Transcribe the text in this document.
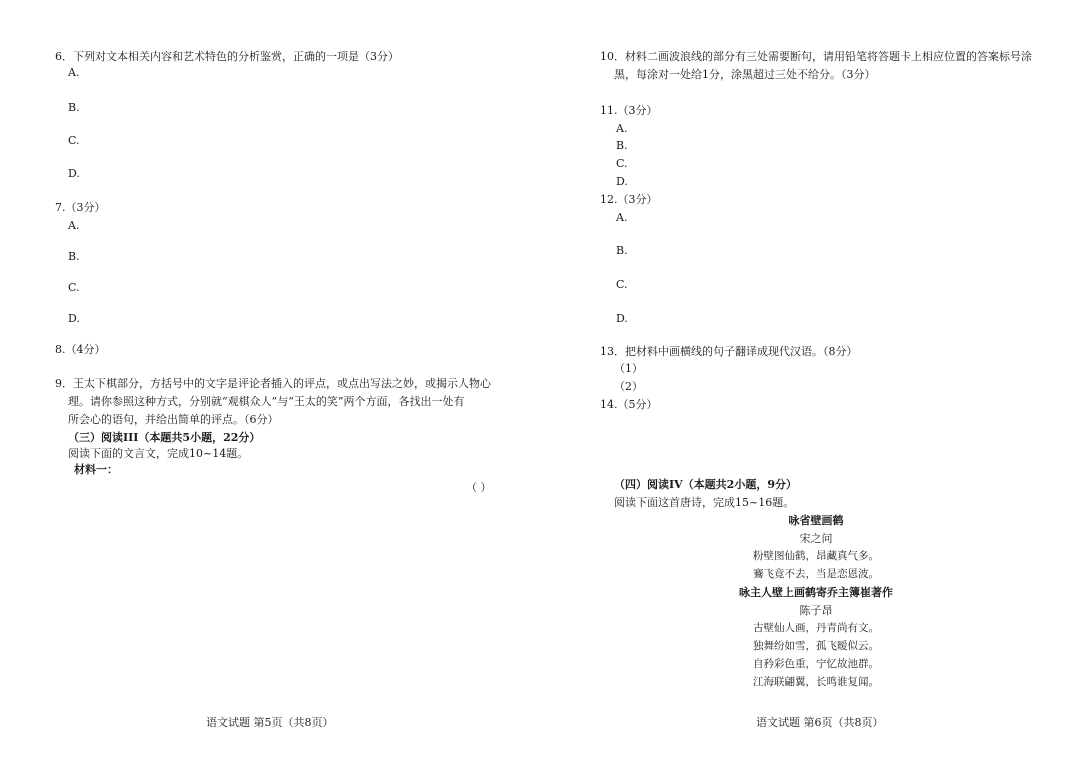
6．下列对文本相关内容和艺术特色的分析鉴赏，正确的一项是（3分）
A.
B.
C.
D.
7.（3分）
A.
B.
C.
D.
8.（4分）
9．王太下棋部分，方括号中的文字是评论者插入的评点，或点出写法之妙，或揭示人物心
理。请你参照这种方式，分别就“观棋众人”与“王太的笑”两个方面，各找出一处有
所会心的语句，并给出简单的评点。（6分）
（三）阅读III（本题共5小题，22分）
阅读下面的文言文，完成10~14题。
材料一：
（ ）
语文试题 第5页（共8页）
10．材料二画波浪线的部分有三处需要断句，请用铅笔将答题卡上相应位置的答案标号涂
黑，每涂对一处给1分，涂黑超过三处不给分。（3分）
11.（3分）
A.
B.
C.
D.
12.（3分）
A.
B.
C.
D.
13．把材料中画横线的句子翻译成现代汉语。（8分）
（1）
（2）
14.（5分）
（四）阅读IV（本题共2小题，9分）
阅读下面这首唐诗，完成15~16题。
咏省壁画鹤
宋之问
粉壁图仙鹤，昂藏真气多。
鶱飞竟不去，当是恋恩波。
咏主人壁上画鹤寄乔主簿崔著作
陈子昂
古壁仙人画，丹青尚有文。
独舞纷如雪，孤飞暧似云。
自矜彩色重，宁忆故池群。
江海联翩翼，长鸣谁复闻。
语文试题 第6页（共8页）
